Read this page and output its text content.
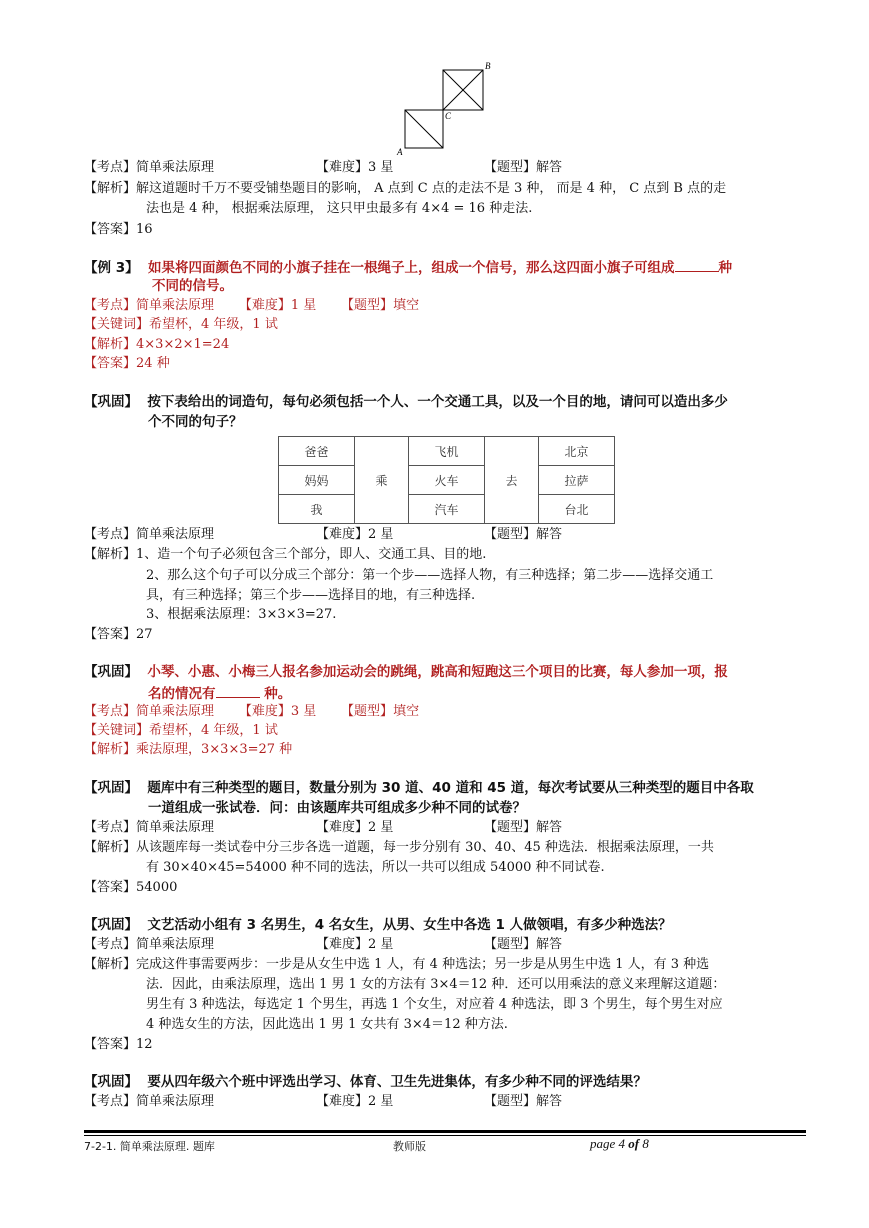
B
C
A
【考点】简单乘法原理	【难度】3 星	【题型】解答
【解析】解这道题时千万不要受铺垫题目的影响， A 点到 C 点的走法不是 3 种， 而是 4 种， C 点到 B 点的走
法也是 4 种， 根据乘法原理， 这只甲虫最多有 4×4 = 16 种走法.
【答案】16
【例 3】 如果将四面颜色不同的小旗子挂在一根绳子上，组成一个信号，那么这四面小旗子可组成	种
不同的信号。
【考点】简单乘法原理 【难度】1 星 【题型】填空
【关键词】希望杯，4 年级，1 试
【解析】4×3×2×1=24
【答案】24 种
【巩固】 按下表给出的词造句，每句必须包括一个人、一个交通工具，以及一个目的地，请问可以造出多少
个不同的句子？
爸爸	乘	飞机	去	北京
妈妈		火车		拉萨
我		汽车		台北
【考点】简单乘法原理	【难度】2 星	【题型】解答
【解析】1、造一个句子必须包含三个部分，即人、交通工具、目的地.
2、那么这个句子可以分成三个部分：第一个步——选择人物，有三种选择；第二步——选择交通工
具，有三种选择；第三个步——选择目的地，有三种选择.
3、根据乘法原理：3×3×3=27.
【答案】27
【巩固】 小琴、小惠、小梅三人报名参加运动会的跳绳，跳高和短跑这三个项目的比赛，每人参加一项，报
名的情况有	种。
【考点】简单乘法原理 【难度】3 星 【题型】填空
【关键词】希望杯，4 年级，1 试
【解析】乘法原理，3×3×3=27 种
【巩固】 题库中有三种类型的题目，数量分别为 30 道、40 道和 45 道，每次考试要从三种类型的题目中各取
一道组成一张试卷．问：由该题库共可组成多少种不同的试卷？
【考点】简单乘法原理	【难度】2 星	【题型】解答
【解析】从该题库每一类试卷中分三步各选一道题，每一步分别有 30、40、45 种选法．根据乘法原理，一共
有 30×40×45=54000 种不同的选法，所以一共可以组成 54000 种不同试卷.
【答案】54000
【巩固】 文艺活动小组有 3 名男生，4 名女生，从男、女生中各选 1 人做领唱，有多少种选法？
【考点】简单乘法原理	【难度】2 星	【题型】解答
【解析】完成这件事需要两步：一步是从女生中选 1 人，有 4 种选法；另一步是从男生中选 1 人，有 3 种选
法．因此，由乘法原理，选出 1 男 1 女的方法有 3×4＝12 种．还可以用乘法的意义来理解这道题：
男生有 3 种选法，每选定 1 个男生，再选 1 个女生，对应着 4 种选法，即 3 个男生，每个男生对应
4 种选女生的方法，因此选出 1 男 1 女共有 3×4＝12 种方法.
【答案】12
【巩固】 要从四年级六个班中评选出学习、体育、卫生先进集体，有多少种不同的评选结果？
【考点】简单乘法原理	【难度】2 星	【题型】解答
7-2-1. 简单乘法原理. 题库	教师版	page 4 of 8
